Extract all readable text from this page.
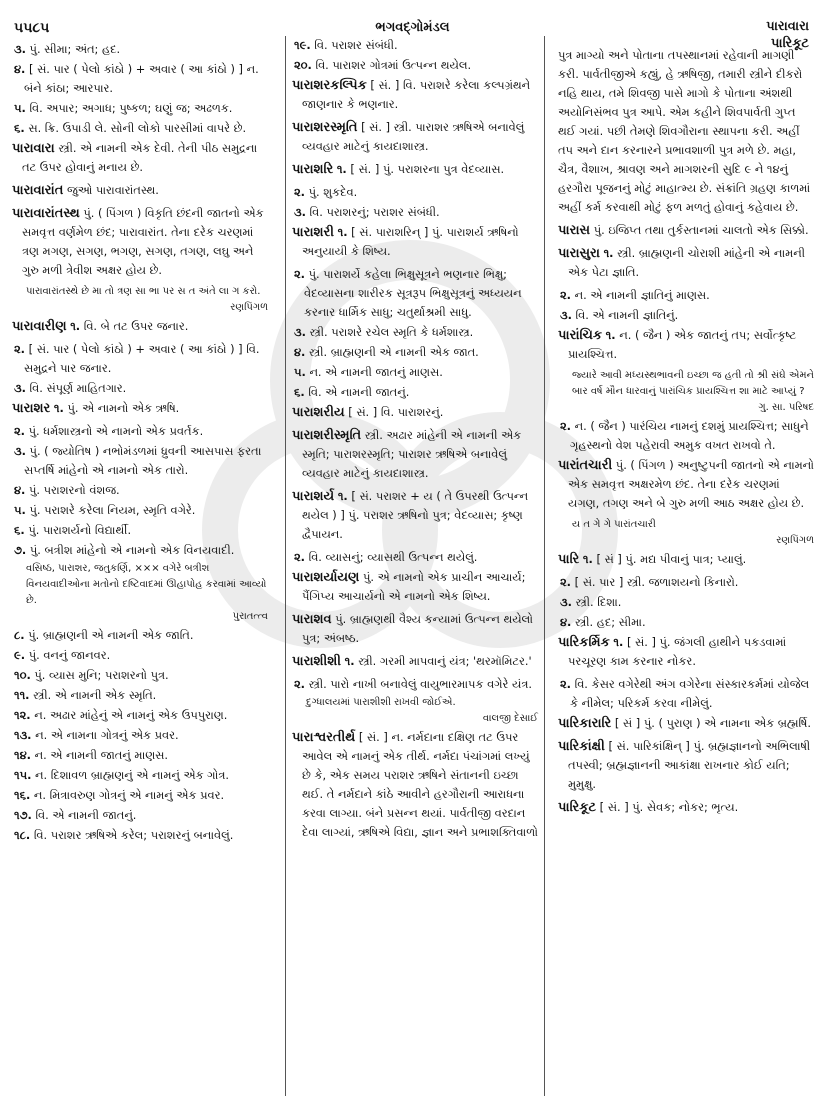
૫૫૮૫	ભગવદ્ગોમંડલ	પારાવારા
પારિકૂટ

૩. પું. સીમા; અંત; હદ.

૪. [ સં. પાર ( પેલો કાંઠો ) + અવાર ( આ કાંઠો ) ] ન. બંને કાંઠા; આરપાર.

૫. વિ. અપાર; અગાધ; પુષ્કળ; ઘણું જ; અઢળક.

૬. સ. ક્રિ. ઉપાડી લે. સોની લોકો પારસીમાં વાપરે છે.

પારાવારા સ્ત્રી. એ નામની એક દેવી. તેની પીઠ સમુદ્રના તટ ઉપર હોવાનું મનાય છે.

પારાવારાંત જુઓ પારાવારાંતસ્થ.

પારાવારાંતસ્થ પું. ( પિંગળ ) વિકૃતિ છંદની જાતનો એક સમવૃત્ત વર્ણમેળ છંદ; પારાવારાંત. તેના દરેક ચરણમાં ત્રણ મગણ, સગણ, ભગણ, સગણ, તગણ, લઘુ અને ગુરુ મળી ત્રેવીશ અક્ષર હોય છે.

પારાવારાંતસ્થે છે મા તો ત્રણ સા ભા પર સ ત અંતે લા ગ કરો.

રણપિંગળ

પારાવારીણ ૧. વિ. બે તટ ઉપર જનાર.

૨. [ સં. પાર ( પેલો કાંઠો ) + અવાર ( આ કાંઠો ) ] વિ. સમુદ્રને પાર જનાર.

૩. વિ. સંપૂર્ણ માહિતગાર.

પારાશર ૧. પું. એ નામનો એક ઋષિ.

૨. પું. ધર્મશાસ્ત્રનો એ નામનો એક પ્રવર્તક.

૩. પું. ( જ્યોતિષ ) નભોમંડળમાં ધ્રુવની આસપાસ ફરતા સપ્તર્ષિ માંહેનો એ નામનો એક તારો.

૪. પું. પરાશરનો વંશજ.

૫. પું. પરાશરે કરેલા નિયમ, સ્મૃતિ વગેરે.

૬. પું. પારાશર્યનો વિદ્યાર્થી.

૭. પું. બત્રીશ માંહેનો એ નામનો એક વિનયવાદી.

વસિષ્ઠ, પારાશર, જતુકર્ણિ, ××× વગેરે બત્રીશ વિનયવાદીઓના મતોનો દષ્ટિવાદમાં ઊહાપોહ કરવામાં આવ્યો છે.

પુરાતત્ત્વ

૮. પું. બ્રાહ્મણની એ નામની એક જાતિ.

૯. પું. વનનું જાનવર.

૧૦. પું. વ્યાસ મુનિ; પરાશરનો પુત્ર.

૧૧. સ્ત્રી. એ નામની એક સ્મૃતિ.

૧૨. ન. અઢાર માંહેનું એ નામનું એક ઉપપુરાણ.

૧૩. ન. એ નામના ગોત્રનું એક પ્રવર.

૧૪. ન. એ નામની જાતનું માણસ.

૧૫. ન. દિશાવળ બ્રાહ્મણનું એ નામનું એક ગોત્ર.

૧૬. ન. મિત્રાવરુણ ગોત્રનું એ નામનું એક પ્રવર.

૧૭. વિ. એ નામની જાતનું.

૧૮. વિ. પરાશર ઋષિએ કરેલ; પરાશરનું બનાવેલું.

૧૯. વિ. પરાશર સંબંધી.

૨૦. વિ. પારાશર ગોત્રમાં ઉત્પન્ન થયેલ.

પારાશરકલ્પિક [ સં. ] વિ. પરાશરે કરેલા કલ્પગ્રંથને જાણનાર કે ભણનાર.

પારાશરસ્મૃતિ [ સં. ] સ્ત્રી. પારાશર ઋષિએ બનાવેલું વ્યવહાર માટેનું કાયદાશાસ્ત્ર.

પારાશરિ ૧. [ સં. ] પું. પરાશરના પુત્ર વેદવ્યાસ.

૨. પું. શુકદેવ.

૩. વિ. પરાશરનું; પરાશર સંબંધી.

પારાશરી ૧. [ સં. પારાશરિન્ ] પું. પારાશર્ય ઋષિનો અનુયાયી કે શિષ્ય.

૨. પું. પારાશર્યે કહેલા ભિક્ષુસૂત્રને ભણનાર ભિક્ષુ; વેદવ્યાસના શારીરક સૂત્રરૂપ ભિક્ષુસૂત્રનું અધ્યયન કરનાર ધાર્મિક સાધુ; ચતુર્થાશ્રમી સાધુ.

૩. સ્ત્રી. પરાશરે રચેલ સ્મૃતિ કે ધર્મશાસ્ત્ર.

૪. સ્ત્રી. બ્રાહ્મણની એ નામની એક જાત.

૫. ન. એ નામની જાતનું માણસ.

૬. વિ. એ નામની જાતનું.

પારાશરીય [ સં. ] વિ. પારાશરનું.

પારાશરીસ્મૃતિ સ્ત્રી. અઢાર માંહેની એ નામની એક સ્મૃતિ; પારાશરસ્મૃતિ; પારાશર ઋષિએ બનાવેલું વ્યવહાર માટેનું કાયદાશાસ્ત્ર.

પારાશર્ય ૧. [ સં. પરાશર + ય ( તે ઉપરથી ઉત્પન્ન થયેલ ) ] પું. પરાશર ઋષિનો પુત્ર; વેદવ્યાસ; કૃષ્ણ દ્વૈપાયન.

૨. વિ. વ્યાસનું; વ્યાસથી ઉત્પન્ન થયેલું.

પારાશર્યાયણ પું. એ નામનો એક પ્રાચીન આચાર્ય; પૈંગિપ્ય આચાર્યનો એ નામનો એક શિષ્ય.

પારાશવ પું. બ્રાહ્મણથી વૈશ્ય કન્યામાં ઉત્પન્ન થયેલો પુત્ર; અંબષ્ઠ.

પારાશીશી ૧. સ્ત્રી. ગરમી માપવાનું યંત્ર; 'થરમૉમિટર.'

૨. સ્ત્રી. પારો નાખી બનાવેલું વાયુભારમાપક વગેરે યંત્ર.

દુગ્ધાલયમાં પારાશીશી રાખવી જોઈએ.

વાલજી દેસાઈ

પારાશ્વરતીર્થ [ સં. ] ન. નર્મદાના દક્ષિણ તટ ઉપર આવેલ એ નામનું એક તીર્થ. નર્મદા પંચાંગમાં લખ્યું છે કે, એક સમય પરાશર ઋષિને સંતાનની ઇચ્છા થઈ. તે નર્મદાને કાંઠે આવીને હરગૌરાની આરાધના કરવા લાગ્યા. બંને પ્રસન્ન થયાં. પાર્વતીજી વરદાન દેવા લાગ્યાં, ઋષિએ વિદ્યા, જ્ઞાન અને પ્રભાશક્તિવાળો

પુત્ર માગ્યો અને પોતાના તપસ્થાનમાં રહેવાની માગણી કરી. પાર્વતીજીએ કહ્યું, હે ઋષિજી, તમારી સ્ત્રીને દીકરો નહિ થાય, તમે શિવજી પાસે માગો કે પોતાના અંશથી અયોનિસંભવ પુત્ર આપે. એમ કહીને શિવપાર્વતી ગુપ્ત થઈ ગયાં. પછી તેમણે શિવગૌરાના સ્થાપના કરી. અહીં તપ અને દાન કરનારને પ્રભાવશાળી પુત્ર મળે છે. મહા, ચૈત્ર, વૈશાખ, શ્રાવણ અને માગશરની સુદિ ૯ ને ૧૪નું હરગૌરા પૂજનનું મોટું માહાત્મ્ય છે. સંક્રાંતિ ગ્રહણ કાળમાં અહીં કર્મ કરવાથી મોટું ફળ મળતું હોવાનું કહેવાય છે.

પારાસ પું. ઇજિપ્ત તથા તુર્કસ્તાનમાં ચાલતો એક સિક્કો.

પારાસુરા ૧. સ્ત્રી. બ્રાહ્મણની ચોરાશી માંહેની એ નામની એક પેટા જ્ઞાતિ.

૨. ન. એ નામની જ્ઞાતિનું માણસ.

૩. વિ. એ નામની જ્ઞાતિનું.

પારાંચિક ૧. ન. ( જૈન ) એક જાતનું તપ; સર્વોત્કૃષ્ટ પ્રાયશ્ચિત્ત.

જ્યારે આવી મધ્યસ્થભાવની ઇચ્છા જ હતી તો શ્રી સંઘે એમને બાર વર્ષ મૌન ધારવાનું પારાંચિક પ્રાયશ્ચિત્ત શા માટે આપ્યું ?

ગુ. સા. પરિષદ

૨. ન. ( જૈન ) પારંચિય નામનું દશમું પ્રાયશ્ચિત્ત; સાધુને ગૃહસ્થનો વેશ પહેરાવી અમુક વખત રાખવો તે.

પારાંતચારી પું. ( પિંગળ ) અનુષ્ટુપની જાતનો એ નામનો એક સમવૃત્ત અક્ષરમેળ છંદ. તેના દરેક ચરણમાં યગણ, તગણ અને બે ગુરુ મળી આઠ અક્ષર હોય છે.

ય ત ગે ગે પારાંતચારી

રણપિંગળ

પારિ ૧. [ સં ] પું. મદ્ય પીવાનું પાત્ર; પ્યાલું.

૨. [ સં. પાર ] સ્ત્રી. જળાશયનો કિનારો.

૩. સ્ત્રી. દિશા.

૪. સ્ત્રી. હદ; સીમા.

પારિકર્મિક ૧. [ સં. ] પું. જંગલી હાથીને પકડવામાં પરચૂરણ કામ કરનાર નોકર.

૨. વિ. કેસર વગેરેથી અંગ વગેરેના સંસ્કારકર્મમાં યોજેલ કે નીમેલ; પરિકર્મ કરવા નીમેલું.

પારિકારારિ [ સં ] પું. ( પુરાણ ) એ નામના એક બ્રહ્મર્ષિ.

પારિકાંક્ષી [ સં. પારિકાંક્ષિન્ ] પું. બ્રહ્મજ્ઞાનનો અભિલાષી તપસ્વી; બ્રહ્મજ્ઞાનની આકાંક્ષા રાખનાર કોઈ યતિ; મુમુક્ષુ.

પારિકૂટ [ સં. ] પું. સેવક; નોકર; ભૃત્ય.
